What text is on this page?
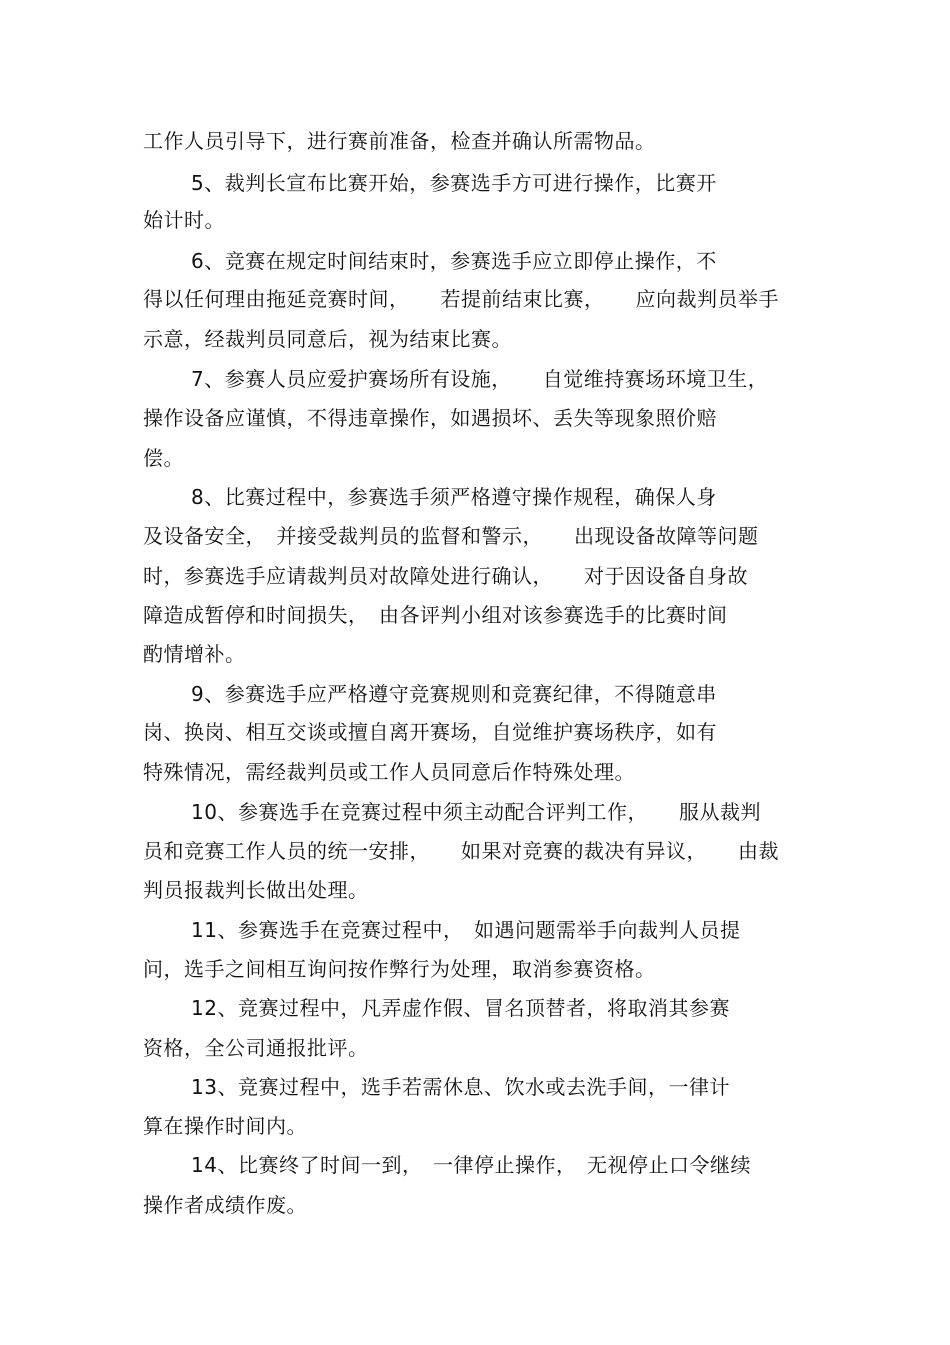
工作人员引导下，进行赛前准备，检查并确认所需物品。
5、裁判长宣布比赛开始，参赛选手方可进行操作，比赛开
始计时。
6、竞赛在规定时间结束时，参赛选手应立即停止操作，不
得以任何理由拖延竞赛时间，　　若提前结束比赛，　　应向裁判员举手
示意，经裁判员同意后，视为结束比赛。
7、参赛人员应爱护赛场所有设施，　　自觉维持赛场环境卫生，
操作设备应谨慎，不得违章操作，如遇损坏、丢失等现象照价赔
偿。
8、比赛过程中，参赛选手须严格遵守操作规程，确保人身
及设备安全，　并接受裁判员的监督和警示，　　出现设备故障等问题
时，参赛选手应请裁判员对故障处进行确认，　　对于因设备自身故
障造成暂停和时间损失，　由各评判小组对该参赛选手的比赛时间
酌情增补。
9、参赛选手应严格遵守竞赛规则和竞赛纪律，不得随意串
岗、换岗、相互交谈或擅自离开赛场，自觉维护赛场秩序，如有
特殊情况，需经裁判员或工作人员同意后作特殊处理。
10、参赛选手在竞赛过程中须主动配合评判工作，　　服从裁判
员和竞赛工作人员的统一安排，　　如果对竞赛的裁决有异议，　　由裁
判员报裁判长做出处理。
11、参赛选手在竞赛过程中，　如遇问题需举手向裁判人员提
问，选手之间相互询问按作弊行为处理，取消参赛资格。
12、竞赛过程中，凡弄虚作假、冒名顶替者，将取消其参赛
资格，全公司通报批评。
13、竞赛过程中，选手若需休息、饮水或去洗手间，一律计
算在操作时间内。
14、比赛终了时间一到，　一律停止操作，　无视停止口令继续
操作者成绩作废。
